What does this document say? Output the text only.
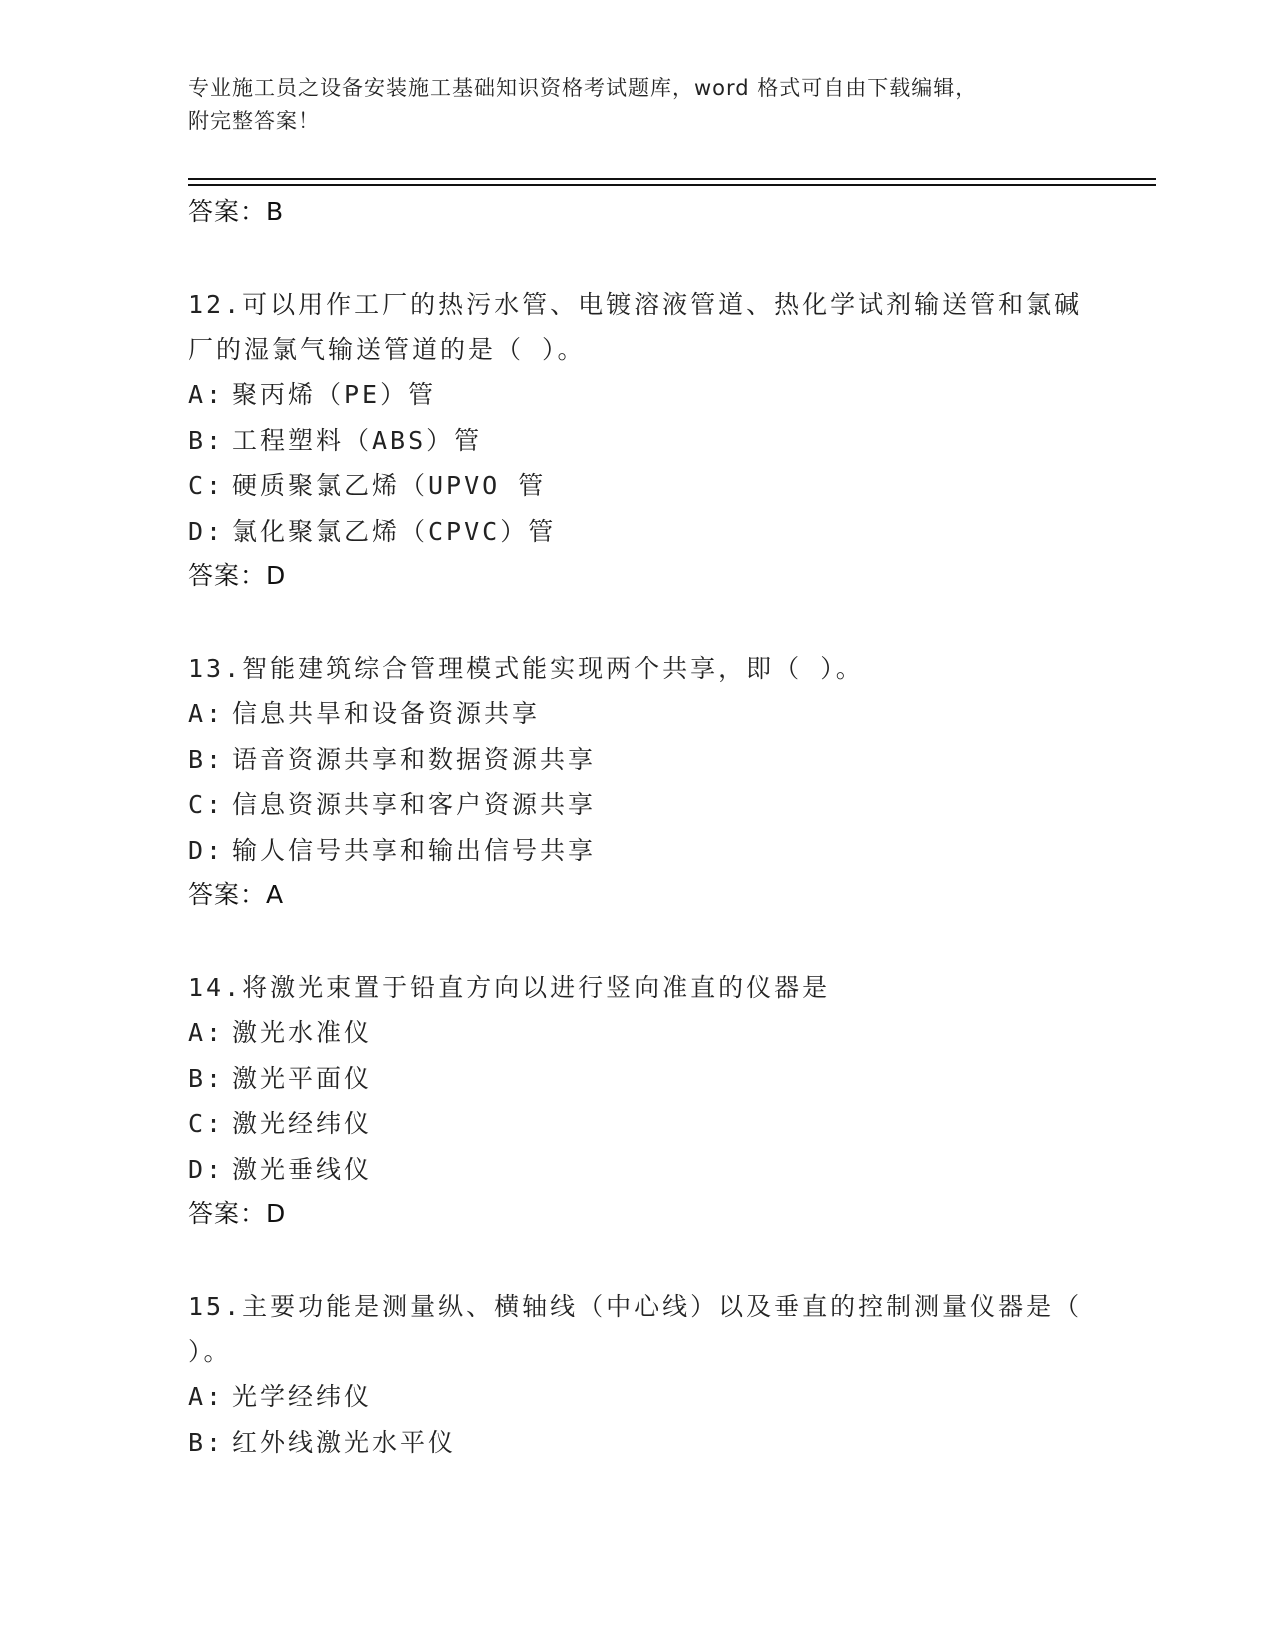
专业施工员之设备安装施工基础知识资格考试题库，word 格式可自由下载编辑，
附完整答案！
答案：B
12.可以用作工厂的热污水管、电镀溶液管道、热化学试剂输送管和氯碱厂的湿氯气输送管道的是（ ）。
A: 聚丙烯（PE）管
B: 工程塑料（ABS）管
C: 硬质聚氯乙烯（UPVO 管
D: 氯化聚氯乙烯（CPVC）管
答案：D
13.智能建筑综合管理模式能实现两个共享，即（ ）。
A: 信息共旱和设备资源共享
B: 语音资源共享和数据资源共享
C: 信息资源共享和客户资源共享
D: 输人信号共享和输出信号共享
答案：A
14.将激光束置于铅直方向以进行竖向准直的仪器是
A: 激光水准仪
B: 激光平面仪
C: 激光经纬仪
D: 激光垂线仪
答案：D
15.主要功能是测量纵、横轴线（中心线）以及垂直的控制测量仪器是（ ）。
A: 光学经纬仪
B: 红外线激光水平仪
